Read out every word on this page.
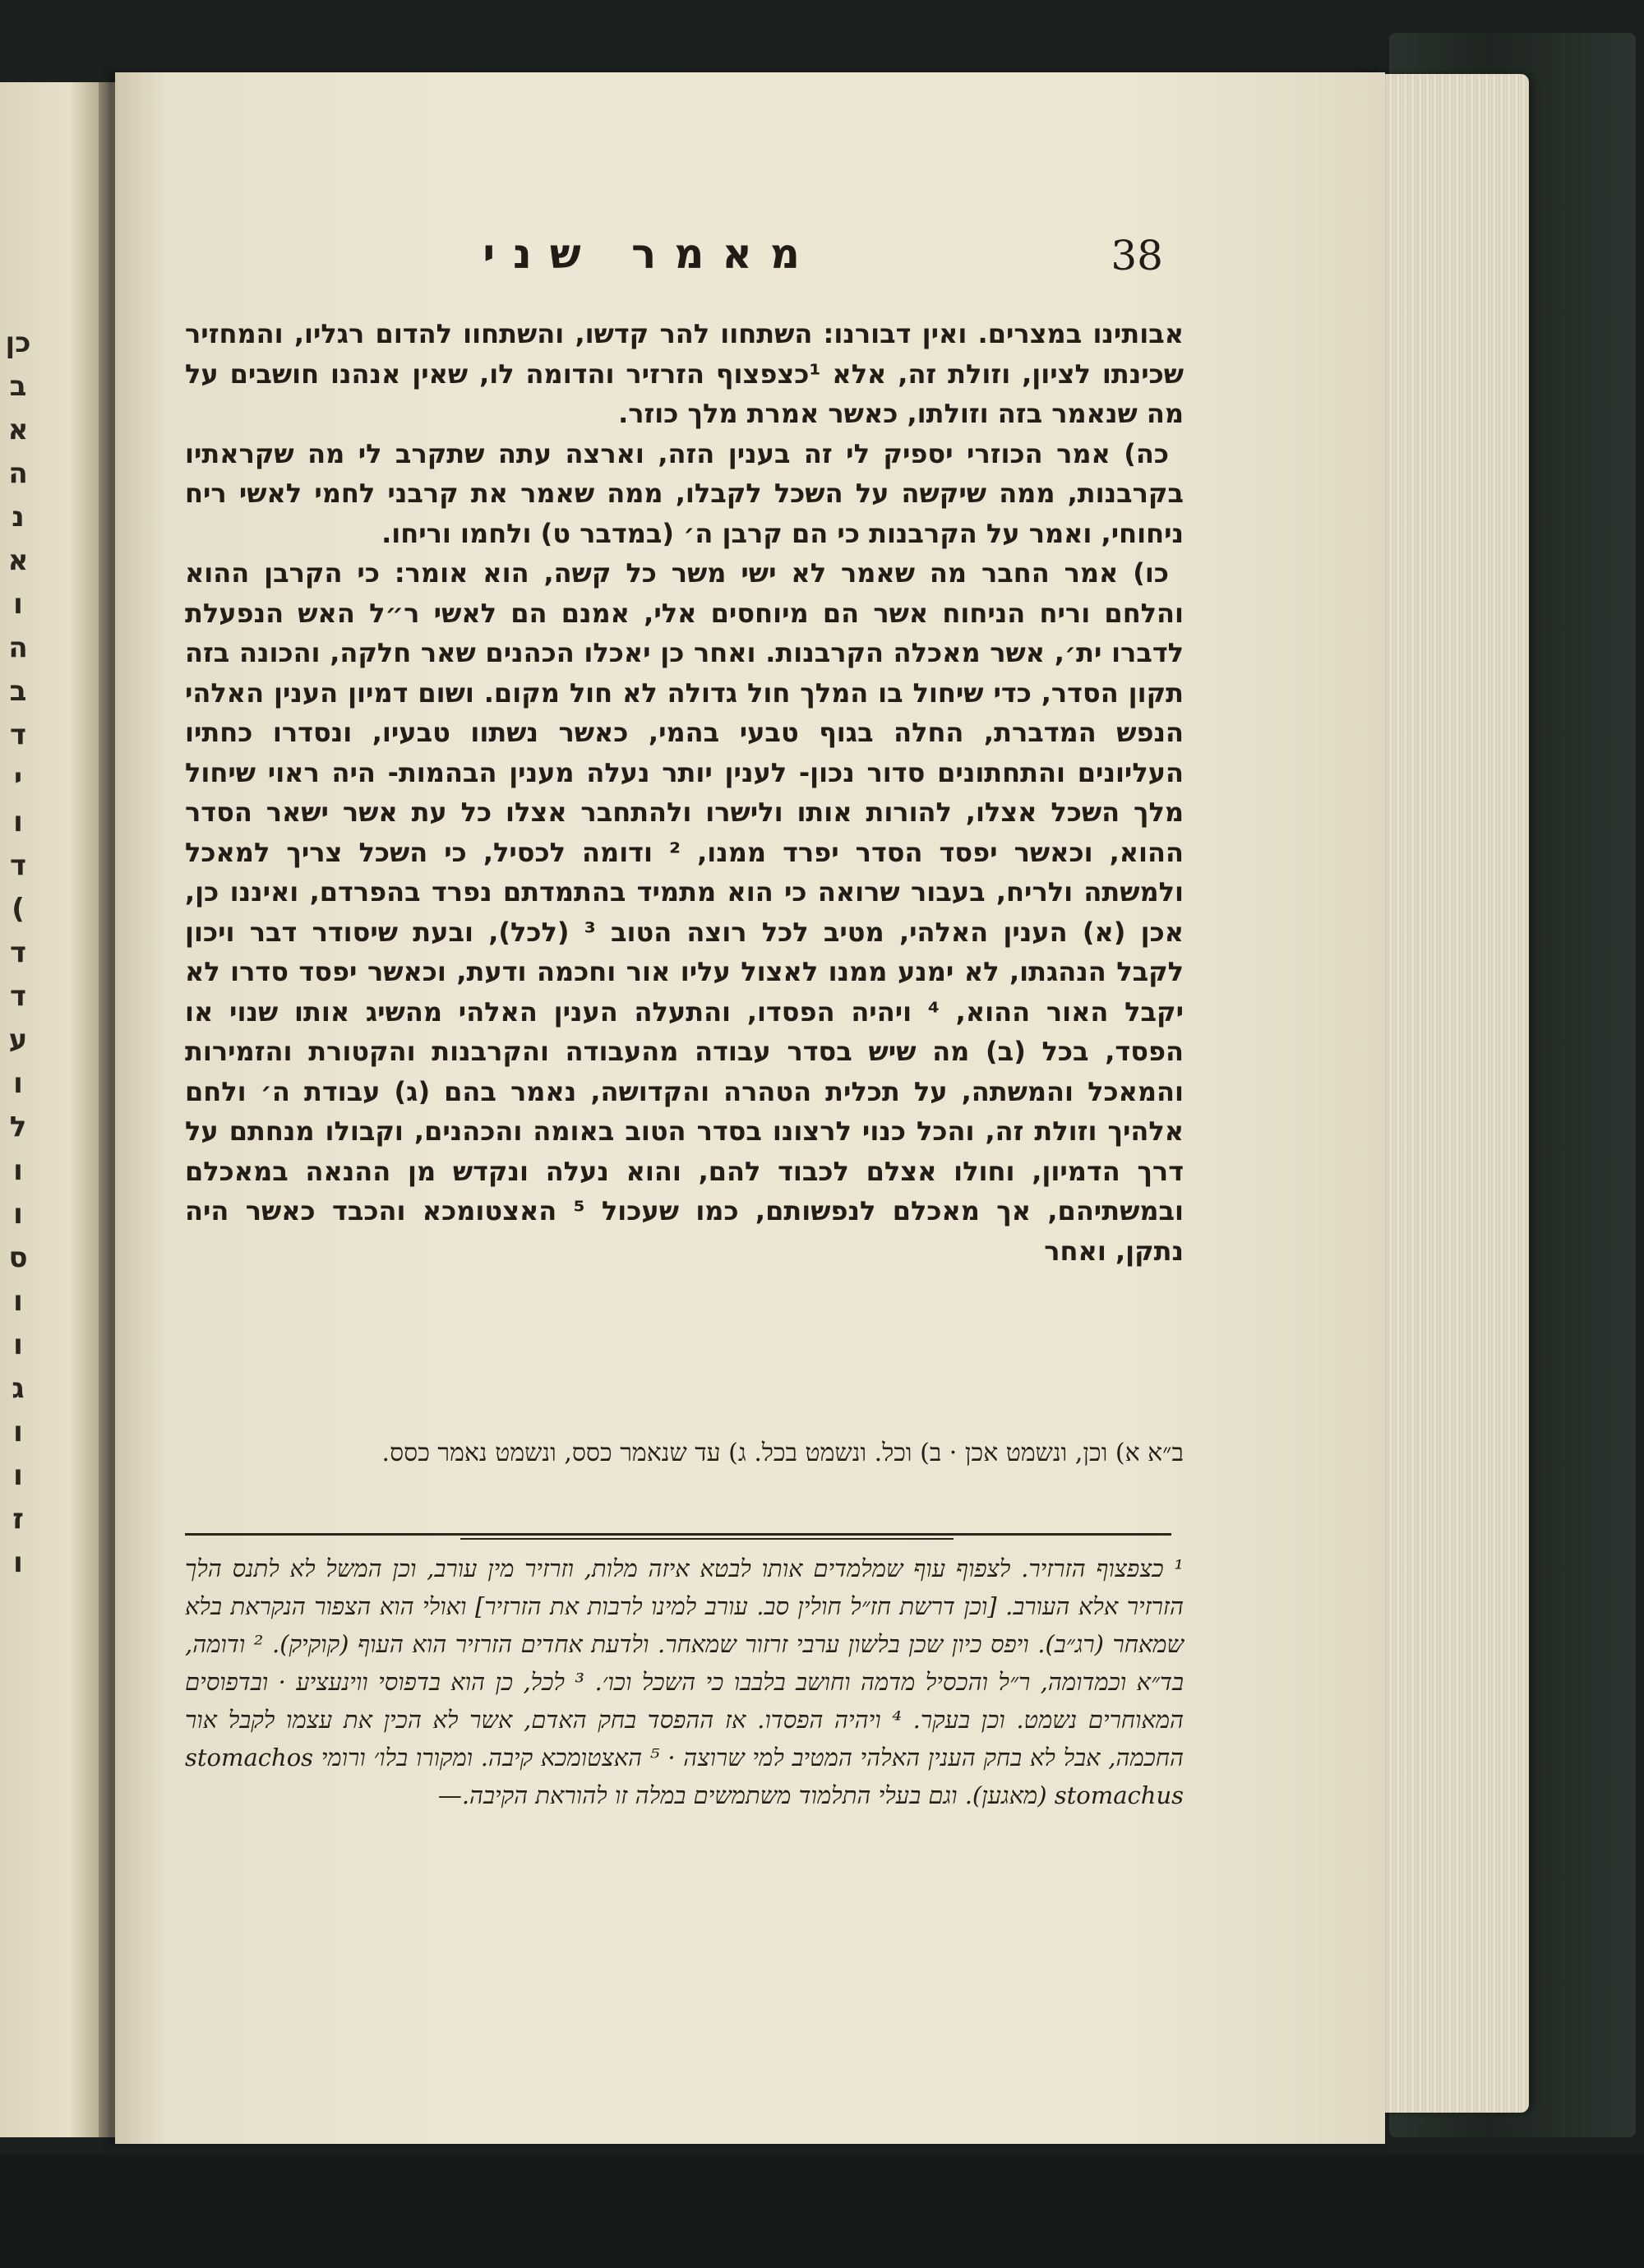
כן
ב
א
ה
נ
א
ו
ה
ב
ד
י
ו
ד
(
ד
ד
ע
ו
ל
ו
ו
ס
ו
ו
ג
ו
ו
ז
ו
מאמר שני	38

אבותינו במצרים. ואין דבורנו: השתחוו להר קדשו, והשתחוו להדום רגליו, והמחזיר שכינתו לציון, וזולת זה, אלא ¹כצפצוף הזרזיר והדומה לו, שאין אנהנו חושבים על מה שנאמר בזה וזולתו, כאשר אמרת מלך כוזר.

כה) אמר הכוזרי יספיק לי זה בענין הזה, וארצה עתה שתקרב לי מה שקראתיו בקרבנות, ממה שיקשה על השכל לקבלו, ממה שאמר את קרבני לחמי לאשי ריח ניחוחי, ואמר על הקרבנות כי הם קרבן ה׳ (במדבר ט) ולחמו וריחו.

כו) אמר החבר מה שאמר לא ישי משר כל קשה, הוא אומר: כי הקרבן ההוא והלחם וריח הניחוח אשר הם מיוחסים אלי, אמנם הם לאשי ר״ל האש הנפעלת לדברו ית׳, אשר מאכלה הקרבנות. ואחר כן יאכלו הכהנים שאר חלקה, והכונה בזה תקון הסדר, כדי שיחול בו המלך חול גדולה לא חול מקום. ושום דמיון הענין האלהי הנפש המדברת, החלה בגוף טבעי בהמי, כאשר נשתוו טבעיו, ונסדרו כחתיו העליונים והתחתונים סדור נכון- לענין יותר נעלה מענין הבהמות- היה ראוי שיחול מלך השכל אצלו, להורות אותו ולישרו ולהתחבר אצלו כל עת אשר ישאר הסדר ההוא, וכאשר יפסד הסדר יפרד ממנו, ² ודומה לכסיל, כי השכל צריך למאכל ולמשתה ולריח, בעבור שרואה כי הוא מתמיד בהתמדתם נפרד בהפרדם, ואיננו כן, אכן (א) הענין האלהי, מטיב לכל רוצה הטוב ³ (לכל), ובעת שיסודר דבר ויכון לקבל הנהגתו, לא ימנע ממנו לאצול עליו אור וחכמה ודעת, וכאשר יפסד סדרו לא יקבל האור ההוא, ⁴ ויהיה הפסדו, והתעלה הענין האלהי מהשיג אותו שנוי או הפסד, בכל (ב) מה שיש בסדר עבודה מהעבודה והקרבנות והקטורת והזמירות והמאכל והמשתה, על תכלית הטהרה והקדושה, נאמר בהם (ג) עבודת ה׳ ולחם אלהיך וזולת זה, והכל כנוי לרצונו בסדר הטוב באומה והכהנים, וקבולו מנחתם על דרך הדמיון, וחולו אצלם לכבוד להם, והוא נעלה ונקדש מן ההנאה במאכלם ובמשתיהם, אך מאכלם לנפשותם, כמו שעכול ⁵ האצטומכא והכבד כאשר היה נתקן, ואחר

ב״א א) וכן, ונשמט אכן · ב) וכל. ונשמט בכל. ג) עד שנאמר כסס, ונשמט נאמר כסס.

¹ כצפצוף הזרזיר. לצפוף עוף שמלמדים אותו לבטא איזה מלות, וזרזיר מין עורב, וכן המשל לא לתנס הלך הזרזיר אלא העורב. [וכן דרשת חז״ל חולין סב. עורב למינו לרבות את הזרזיר] ואולי הוא הצפור הנקראת בלא שמאחר (רג״ב). ויפס כיון שכן בלשון ערבי זרזור שמאחר. ולדעת אחדים הזרזיר הוא העוף (קוקיק). ² ודומה, בד״א וכמדומה, ר״ל והכסיל מדמה וחושב בלבבו כי השכל וכו׳. ³ לכל, כן הוא בדפוסי ווינעציע · ובדפוסים המאוחרים נשמט. וכן בעקר. ⁴ ויהיה הפסדו. אז ההפסד בחק האדם, אשר לא הכין את עצמו לקבל אור החכמה, אבל לא בחק הענין האלהי המטיב למי שרוצה · ⁵ האצטומכא קיבה. ומקורו בלו׳ ורומי stomachos stomachus (מאגען). וגם בעלי התלמוד משתמשים במלה זו להוראת הקיבה.—
